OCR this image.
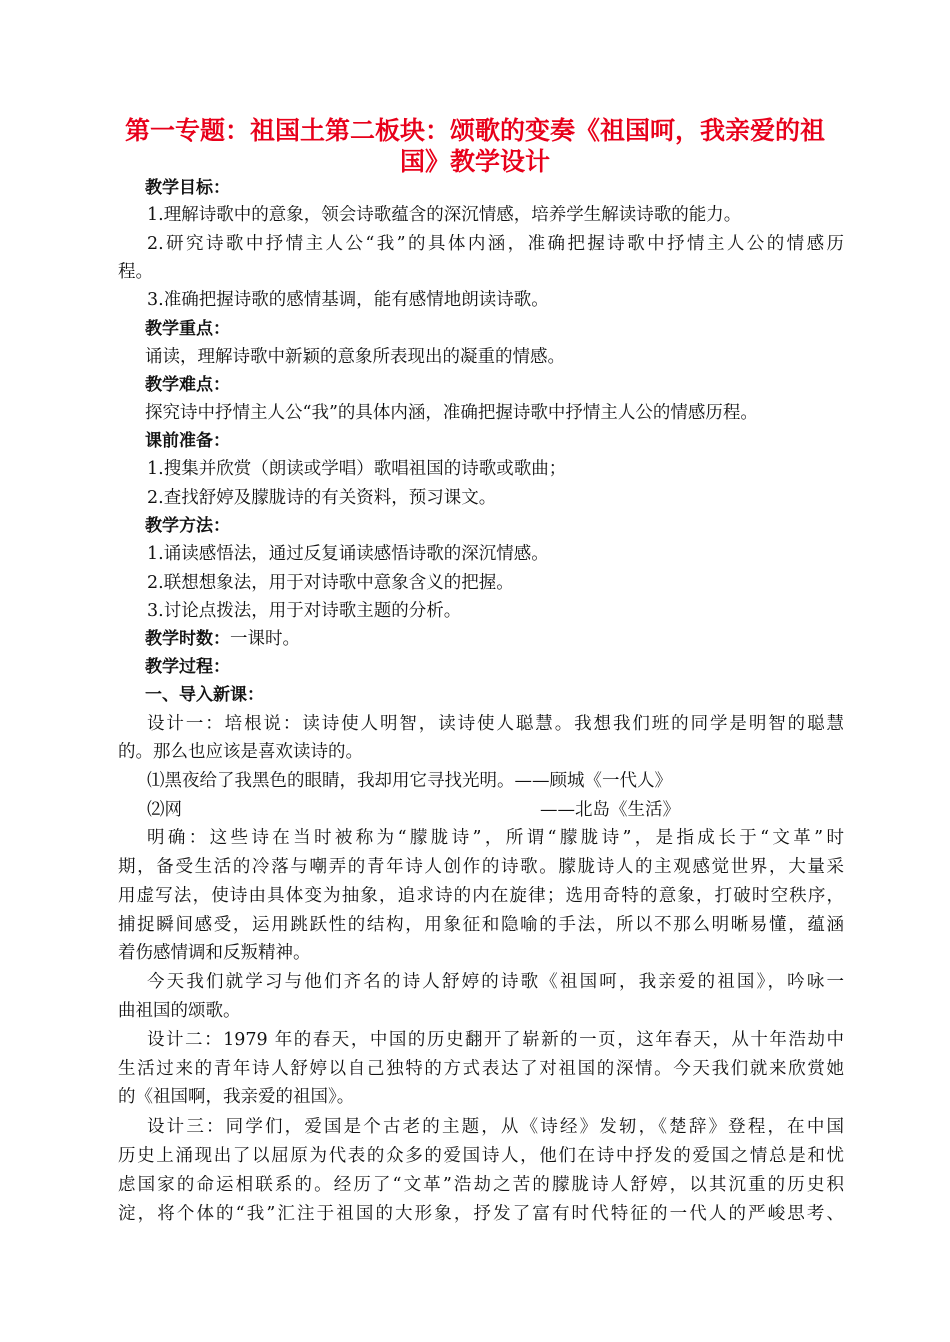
第一专题：祖国土第二板块：颂歌的变奏《祖国呵，我亲爱的祖
国》教学设计
教学目标：
1.理解诗歌中的意象，领会诗歌蕴含的深沉情感，培养学生解读诗歌的能力。
2.研究诗歌中抒情主人公“我”的具体内涵，准确把握诗歌中抒情主人公的情感历
程。
3.准确把握诗歌的感情基调，能有感情地朗读诗歌。
教学重点：
诵读，理解诗歌中新颖的意象所表现出的凝重的情感。
教学难点：
探究诗中抒情主人公“我”的具体内涵，准确把握诗歌中抒情主人公的情感历程。
课前准备：
1.搜集并欣赏（朗读或学唱）歌唱祖国的诗歌或歌曲；
2.查找舒婷及朦胧诗的有关资料，预习课文。
教学方法：
1.诵读感悟法，通过反复诵读感悟诗歌的深沉情感。
2.联想想象法，用于对诗歌中意象含义的把握。
3.讨论点拨法，用于对诗歌主题的分析。
教学时数：一课时。
教学过程：
一、导入新课：
设计一：培根说：读诗使人明智，读诗使人聪慧。我想我们班的同学是明智的聪慧
的。那么也应该是喜欢读诗的。
⑴黑夜给了我黑色的眼睛，我却用它寻找光明。——顾城《一代人》
⑵网	——北岛《生活》
明确：这些诗在当时被称为“朦胧诗”，所谓“朦胧诗”，是指成长于“文革”时
期，备受生活的冷落与嘲弄的青年诗人创作的诗歌。朦胧诗人的主观感觉世界，大量采
用虚写法，使诗由具体变为抽象，追求诗的内在旋律；选用奇特的意象，打破时空秩序，
捕捉瞬间感受，运用跳跃性的结构，用象征和隐喻的手法，所以不那么明晰易懂，蕴涵
着伤感情调和反叛精神。
今天我们就学习与他们齐名的诗人舒婷的诗歌《祖国呵，我亲爱的祖国》，吟咏一
曲祖国的颂歌。
设计二：1979 年的春天，中国的历史翻开了崭新的一页，这年春天，从十年浩劫中
生活过来的青年诗人舒婷以自己独特的方式表达了对祖国的深情。今天我们就来欣赏她
的《祖国啊，我亲爱的祖国》。
设计三：同学们，爱国是个古老的主题，从《诗经》发轫，《楚辞》登程，在中国
历史上涌现出了以屈原为代表的众多的爱国诗人，他们在诗中抒发的爱国之情总是和忧
虑国家的命运相联系的。经历了“文革”浩劫之苦的朦胧诗人舒婷，以其沉重的历史积
淀，将个体的“我”汇注于祖国的大形象，抒发了富有时代特征的一代人的严峻思考、
